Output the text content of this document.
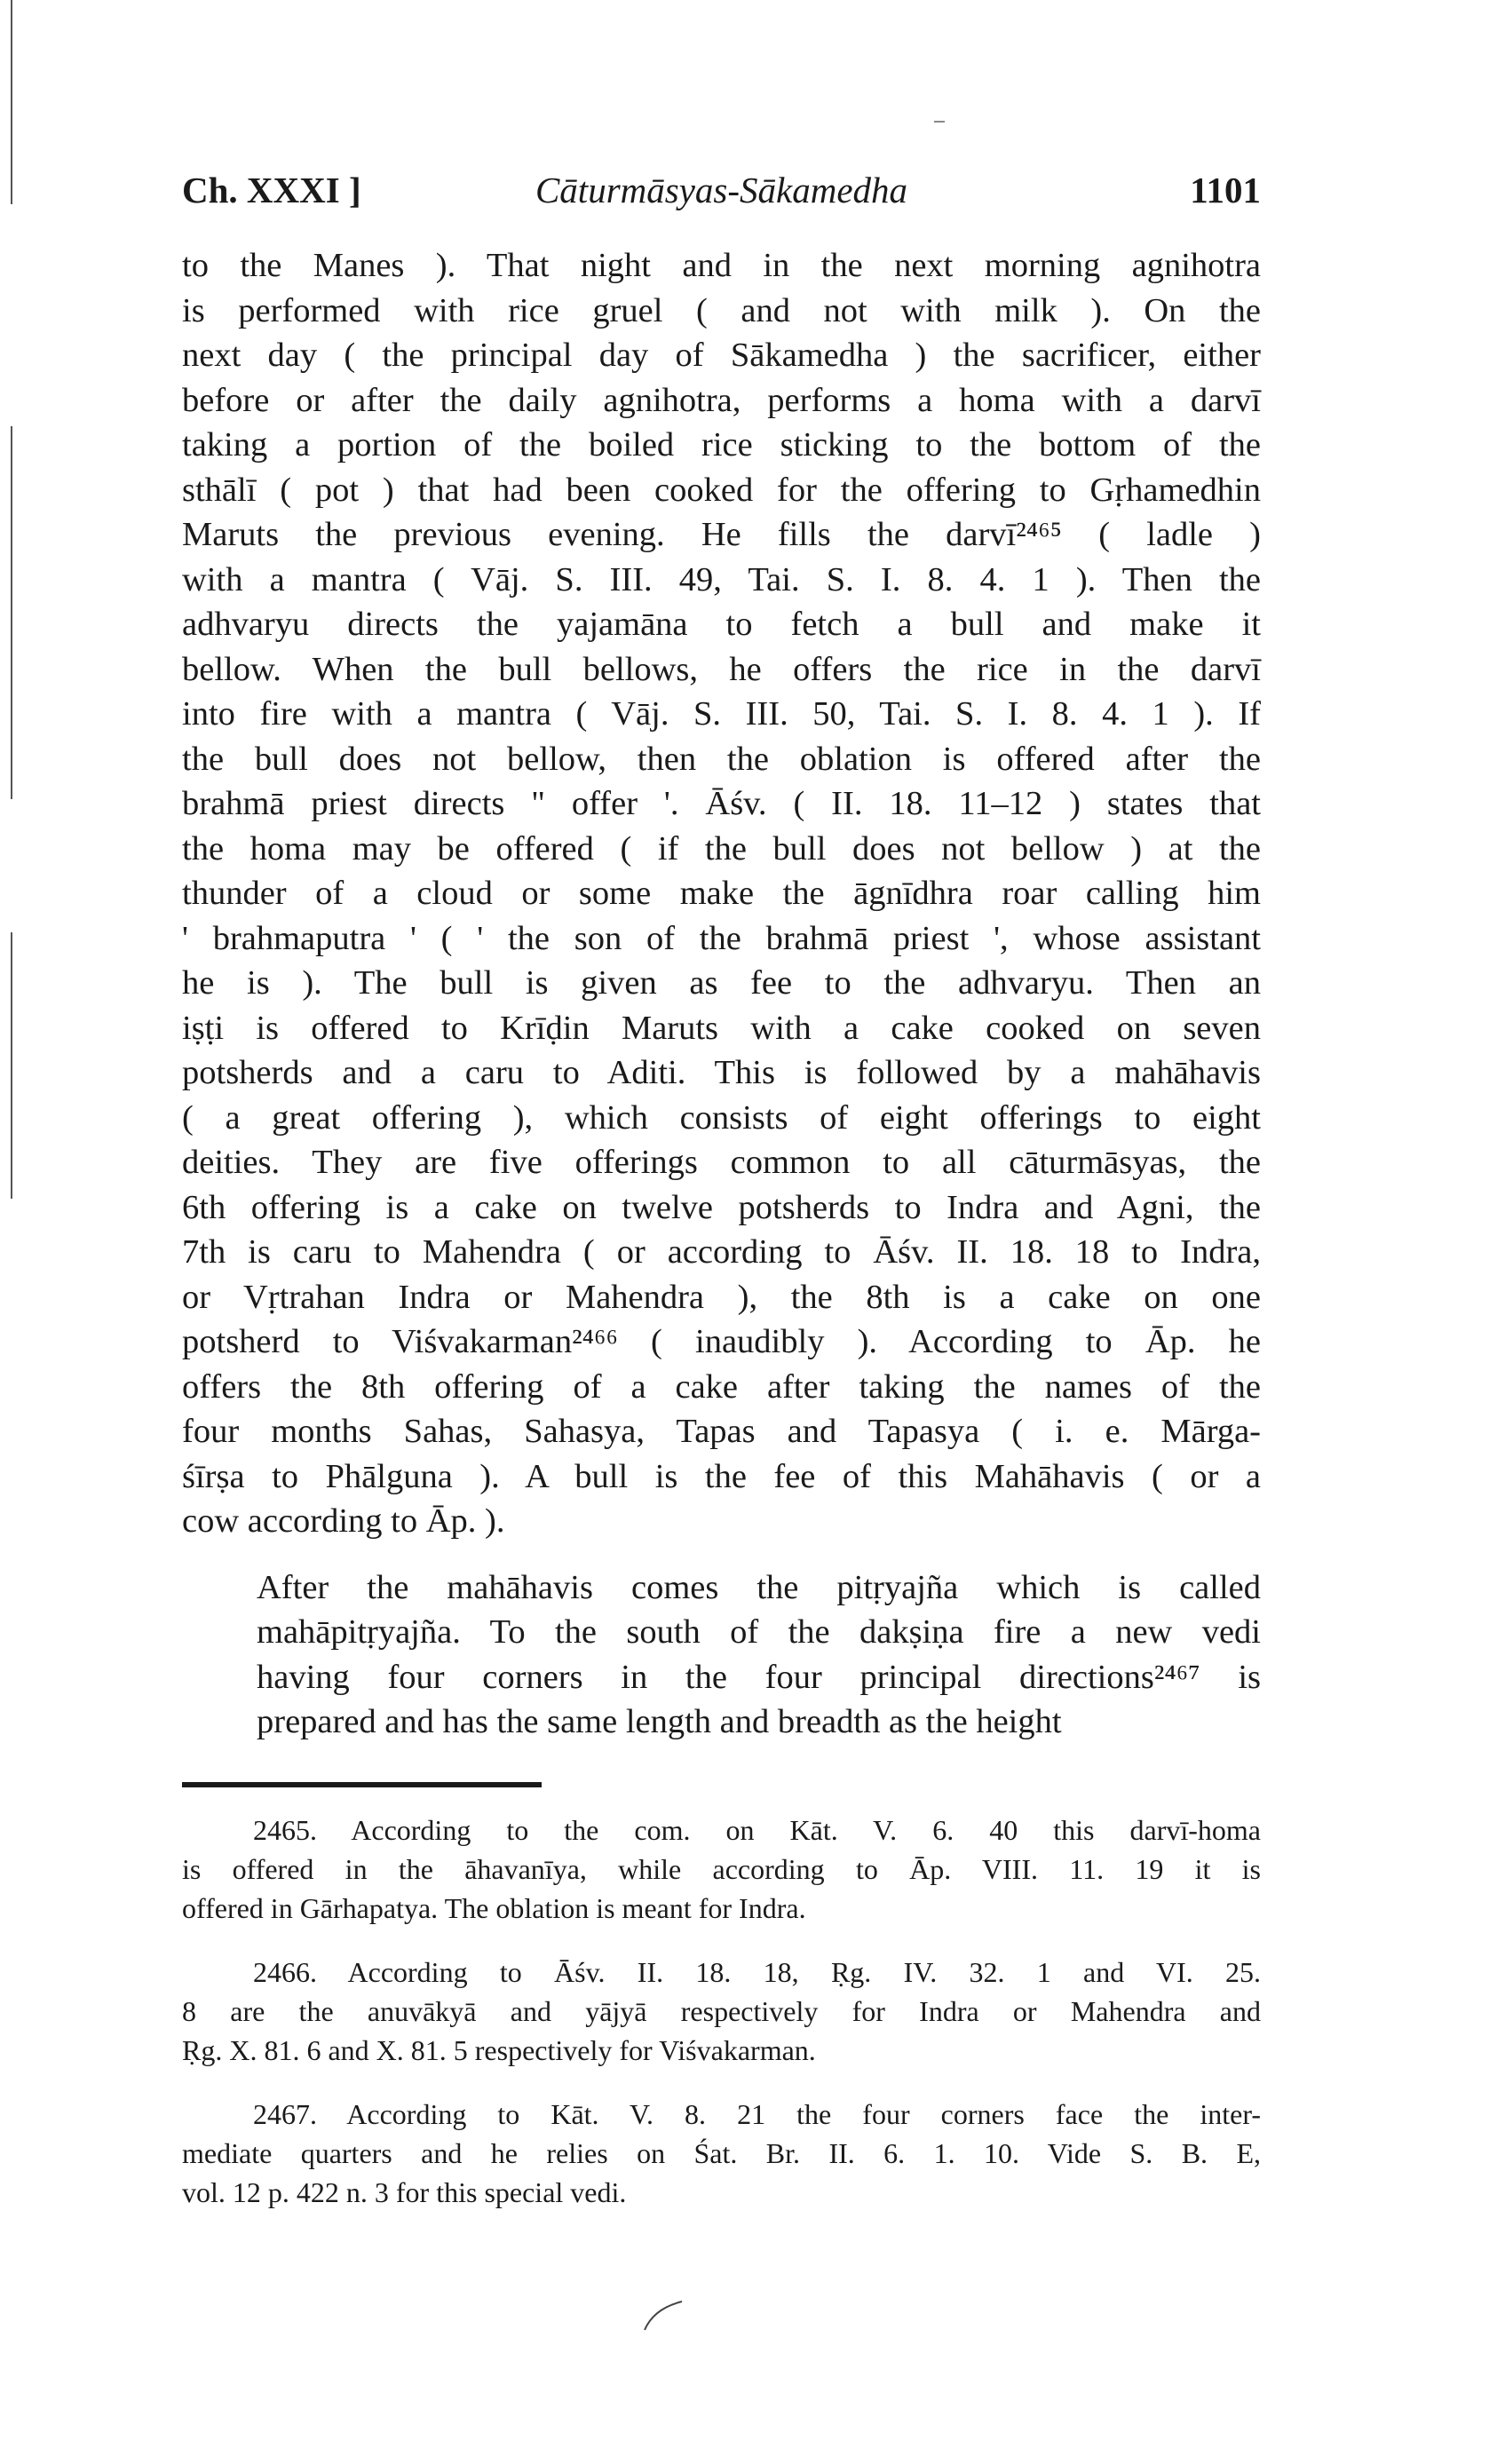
Ch. XXXI ]	Cāturmāsyas-Sākamedha	1101
to the Manes ). That night and in the next morning agnihotra
is performed with rice gruel ( and not with milk ). On the
next day ( the principal day of Sākamedha ) the sacrificer, either
before or after the daily agnihotra, performs a homa with a darvī
taking a portion of the boiled rice sticking to the bottom of the
sthālī ( pot ) that had been cooked for the offering to Gṛhamedhin
Maruts the previous evening. He fills the darvī²⁴⁶⁵ ( ladle )
with a mantra ( Vāj. S. III. 49, Tai. S. I. 8. 4. 1 ). Then the
adhvaryu directs the yajamāna to fetch a bull and make it
bellow. When the bull bellows, he offers the rice in the darvī
into fire with a mantra ( Vāj. S. III. 50, Tai. S. I. 8. 4. 1 ). If
the bull does not bellow, then the oblation is offered after the
brahmā priest directs " offer '. Āśv. ( II. 18. 11–12 ) states that
the homa may be offered ( if the bull does not bellow ) at the
thunder of a cloud or some make the āgnīdhra roar calling him
' brahmaputra ' ( ' the son of the brahmā priest ', whose assistant
he is ). The bull is given as fee to the adhvaryu. Then an
iṣṭi is offered to Krīḍin Maruts with a cake cooked on seven
potsherds and a caru to Aditi. This is followed by a mahāhavis
( a great offering ), which consists of eight offerings to eight
deities. They are five offerings common to all cāturmāsyas, the
6th offering is a cake on twelve potsherds to Indra and Agni, the
7th is caru to Mahendra ( or according to Āśv. II. 18. 18 to Indra,
or Vṛtrahan Indra or Mahendra ), the 8th is a cake on one
potsherd to Viśvakarman²⁴⁶⁶ ( inaudibly ). According to Āp. he
offers the 8th offering of a cake after taking the names of the
four months Sahas, Sahasya, Tapas and Tapasya ( i. e. Mārga-
śīrṣa to Phālguna ). A bull is the fee of this Mahāhavis ( or a
cow according to Āp. ).
After the mahāhavis comes the pitṛyajña which is called
mahāpitṛyajña. To the south of the dakṣiṇa fire a new vedi
having four corners in the four principal directions²⁴⁶⁷ is
prepared and has the same length and breadth as the height
2465. According to the com. on Kāt. V. 6. 40 this darvī-homa
is offered in the āhavanīya, while according to Āp. VIII. 11. 19 it is
offered in Gārhapatya. The oblation is meant for Indra.
2466. According to Āśv. II. 18. 18, Ṛg. IV. 32. 1 and VI. 25.
8 are the anuvākyā and yājyā respectively for Indra or Mahendra and
Ṛg. X. 81. 6 and X. 81. 5 respectively for Viśvakarman.
2467. According to Kāt. V. 8. 21 the four corners face the inter-
mediate quarters and he relies on Śat. Br. II. 6. 1. 10. Vide S. B. E,
vol. 12 p. 422 n. 3 for this special vedi.
